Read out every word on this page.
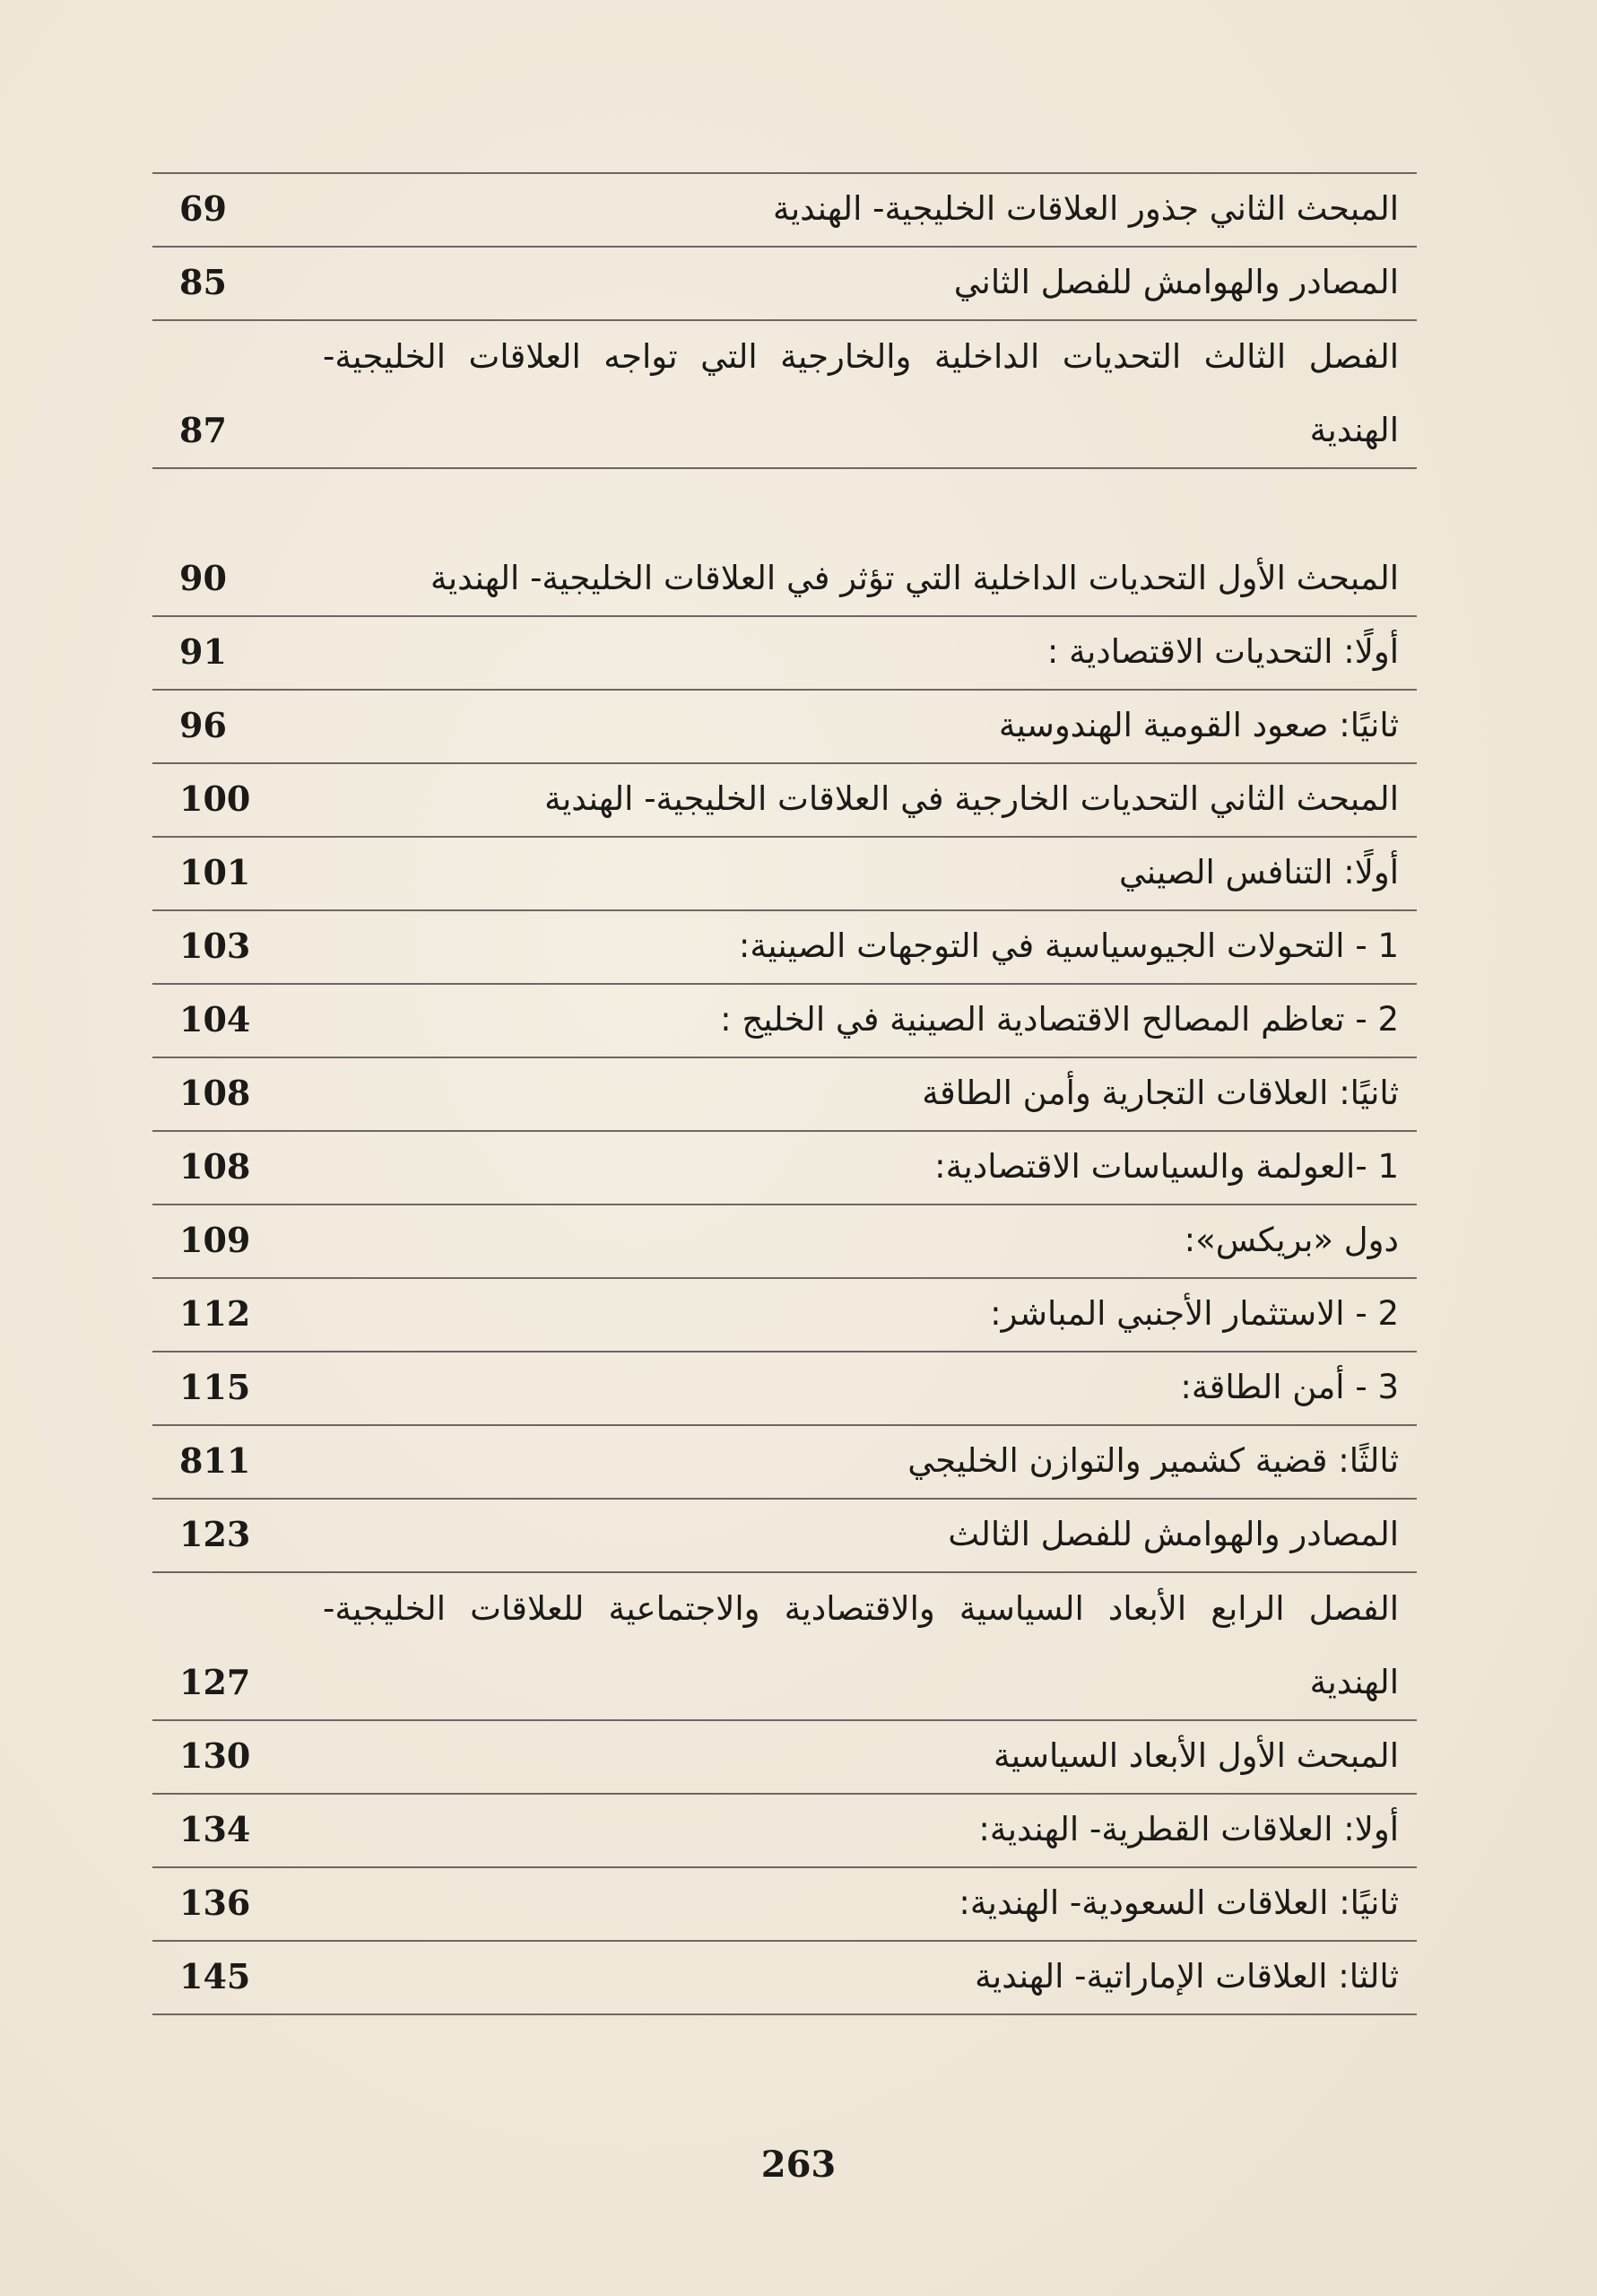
المبحث الثاني جذور العلاقات الخليجية- الهندية
69
المصادر والهوامش للفصل الثاني
85
الفصل الثالث التحديات الداخلية والخارجية التي تواجه العلاقات الخليجية- الهندية
87
المبحث الأول التحديات الداخلية التي تؤثر في العلاقات الخليجية- الهندية
90
أولًا: التحديات الاقتصادية :
91
ثانيًا: صعود القومية الهندوسية
96
المبحث الثاني التحديات الخارجية في العلاقات الخليجية- الهندية
100
أولًا: التنافس الصيني
101
1 - التحولات الجيوسياسية في التوجهات الصينية:
103
2 - تعاظم المصالح الاقتصادية الصينية في الخليج :
104
ثانيًا: العلاقات التجارية وأمن الطاقة
108
1 -العولمة والسياسات الاقتصادية:
108
دول «بريكس»:
109
2 - الاستثمار الأجنبي المباشر:
112
3 - أمن الطاقة:
115
ثالثًا: قضية كشمير والتوازن الخليجي
811
المصادر والهوامش للفصل الثالث
123
الفصل الرابع الأبعاد السياسية والاقتصادية والاجتماعية للعلاقات الخليجية- الهندية
127
المبحث الأول الأبعاد السياسية
130
أولا: العلاقات القطرية- الهندية:
134
ثانيًا: العلاقات السعودية- الهندية:
136
ثالثا: العلاقات الإماراتية- الهندية
145
263
